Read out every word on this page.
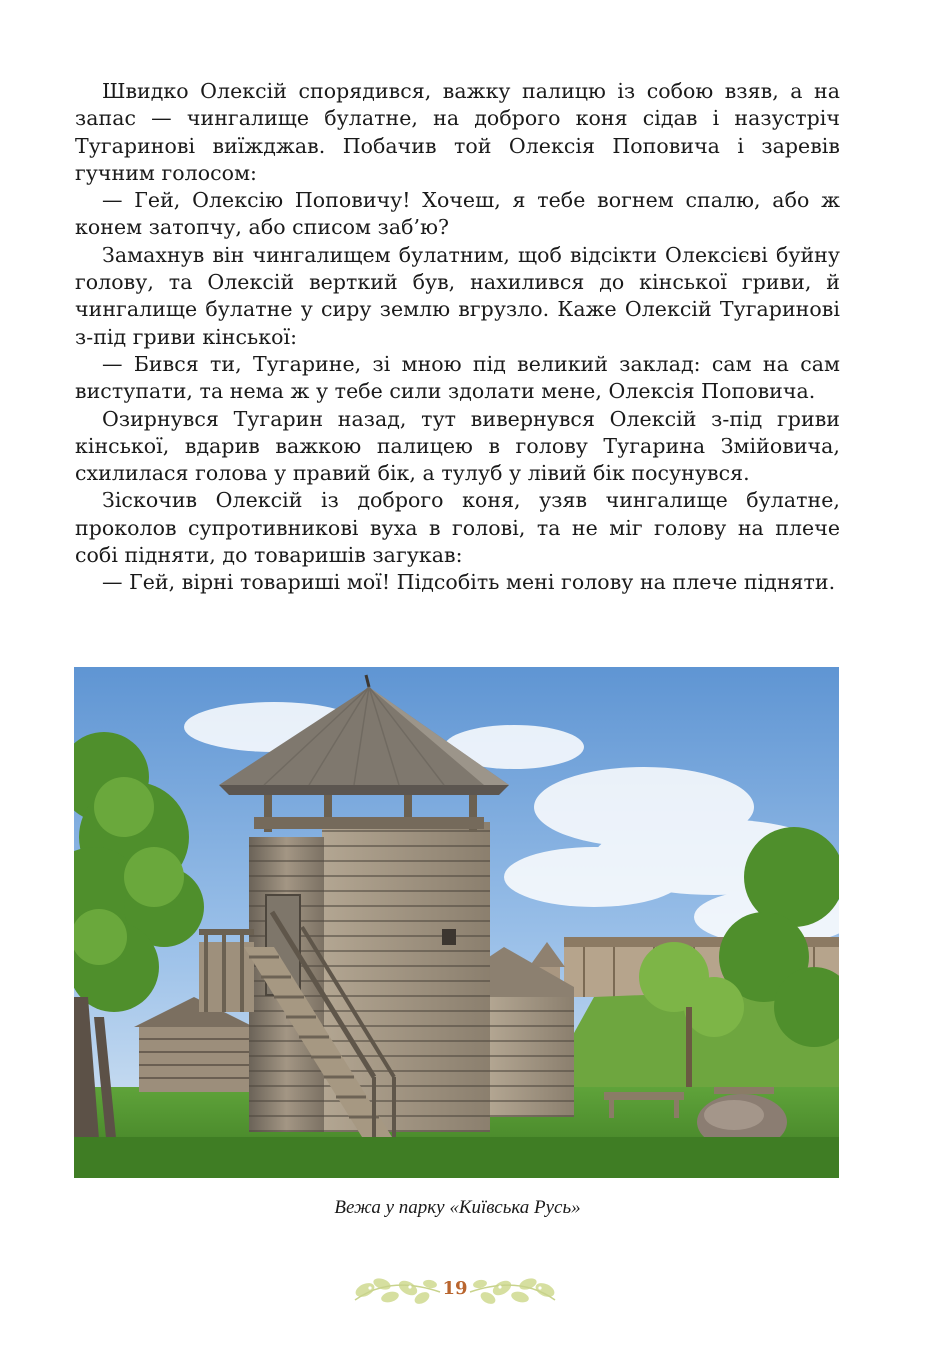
Швидко Олексій спорядився, важку палицю із собою взяв, а на запас — чингалище булатне, на доброго коня сідав і назустріч Тугаринові виїжджав. Побачив той Олексія Поповича і заревів гучним голосом:

— Гей, Олексію Поповичу! Хочеш, я тебе вогнем спалю, або ж конем затопчу, або списом заб’ю?

Замахнув він чингалищем булатним, щоб відсікти Олексієві буйну голову, та Олексій верткий був, нахилився до кінської гриви, й чингалище булатне у сиру землю вгрузло. Каже Олексій Тугаринові з-під гриви кінської:

— Бився ти, Тугарине, зі мною під великий заклад: сам на сам виступати, та нема ж у тебе сили здолати мене, Олексія Поповича.

Озирнувся Тугарин назад, тут вивернувся Олексій з-під гриви кінської, вдарив важкою палицею в голову Тугарина Змійовича, схилилася голова у правий бік, а тулуб у лівий бік посунувся.

Зіскочив Олексій із доброго коня, узяв чингалище булатне, проколов супротивникові вуха в голові, та не міг голову на плече собі підняти, до товаришів загукав:

— Гей, вірні товариші мої! Підсобіть мені голову на плече підняти.

Вежа у парку «Київська Русь»
19
